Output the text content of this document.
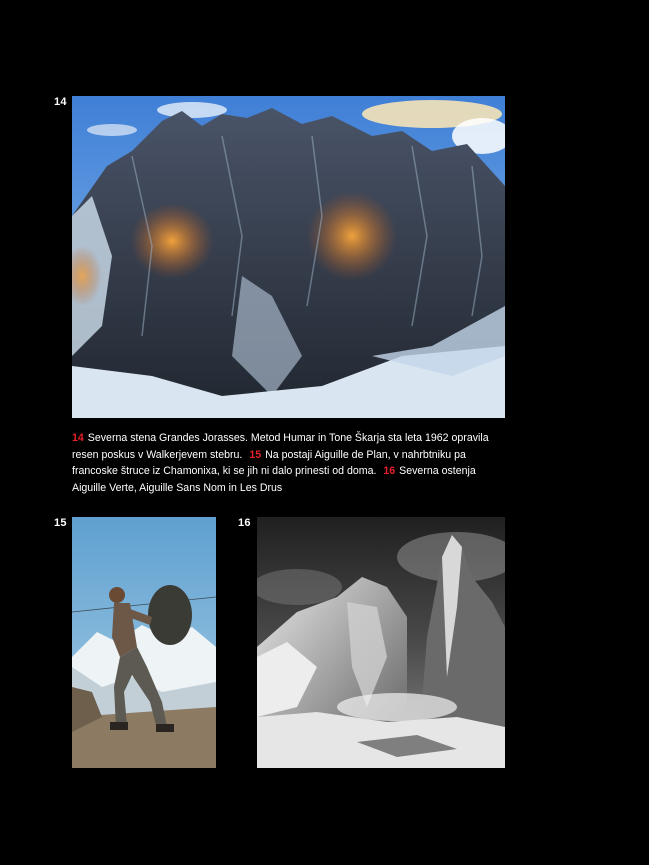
14
14 Severna stena Grandes Jorasses. Metod Humar in Tone Škarja sta leta 1962 opravila resen poskus v Walkerjevem stebru. 15 Na postaji Aiguille de Plan, v nahrbtniku pa francoske štruce iz Chamonixa, ki se jih ni dalo prinesti od doma. 16 Severna ostenja Aiguille Verte, Aiguille Sans Nom in Les Drus
15	16
